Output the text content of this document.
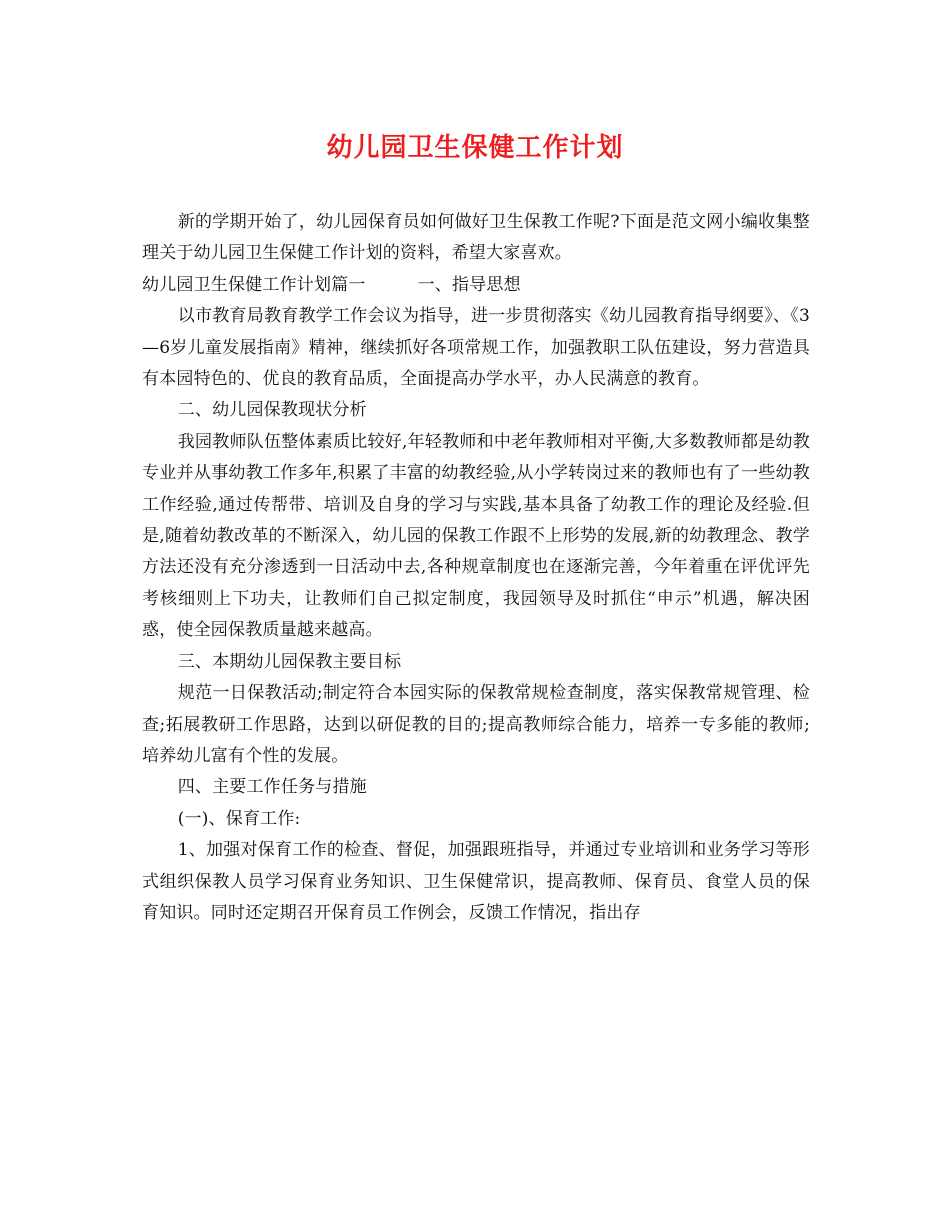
幼儿园卫生保健工作计划

新的学期开始了，幼儿园保育员如何做好卫生保教工作呢?下面是范文网小编收集整理关于幼儿园卫生保健工作计划的资料，希望大家喜欢。

幼儿园卫生保健工作计划篇一	一、指导思想

以市教育局教育教学工作会议为指导，进一步贯彻落实《幼儿园教育指导纲要》、《3—6岁儿童发展指南》精神，继续抓好各项常规工作，加强教职工队伍建设，努力营造具有本园特色的、优良的教育品质，全面提高办学水平，办人民满意的教育。

二、幼儿园保教现状分析

我园教师队伍整体素质比较好,年轻教师和中老年教师相对平衡,大多数教师都是幼教专业并从事幼教工作多年,积累了丰富的幼教经验,从小学转岗过来的教师也有了一些幼教工作经验,通过传帮带、培训及自身的学习与实践,基本具备了幼教工作的理论及经验.但是,随着幼教改革的不断深入，幼儿园的保教工作跟不上形势的发展,新的幼教理念、教学方法还没有充分渗透到一日活动中去,各种规章制度也在逐渐完善，今年着重在评优评先考核细则上下功夫，让教师们自己拟定制度，我园领导及时抓住“申示”机遇，解决困惑，使全园保教质量越来越高。

三、本期幼儿园保教主要目标

规范一日保教活动;制定符合本园实际的保教常规检查制度，落实保教常规管理、检查;拓展教研工作思路，达到以研促教的目的;提高教师综合能力，培养一专多能的教师;培养幼儿富有个性的发展。

四、主要工作任务与措施

(一)、保育工作:

1、加强对保育工作的检查、督促，加强跟班指导，并通过专业培训和业务学习等形式组织保教人员学习保育业务知识、卫生保健常识，提高教师、保育员、食堂人员的保育知识。同时还定期召开保育员工作例会，反馈工作情况，指出存
